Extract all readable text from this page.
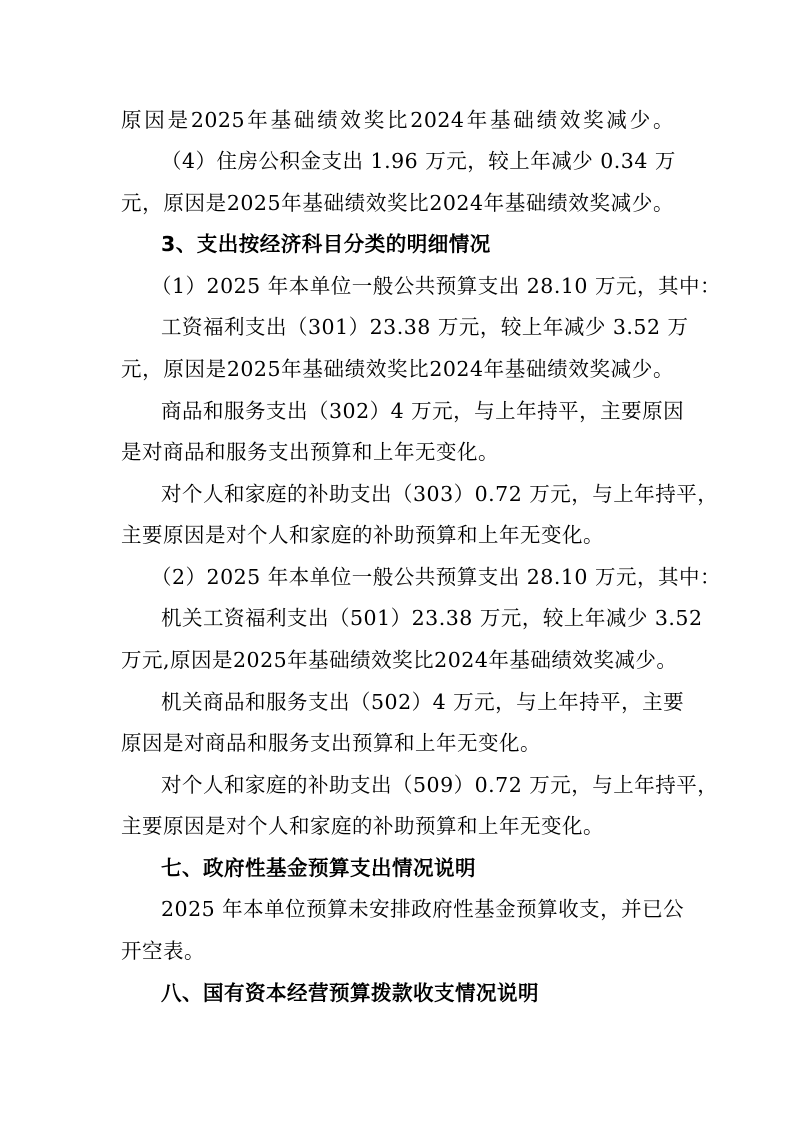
原因是2025年基础绩效奖比2024年基础绩效奖减少。
（4）住房公积金支出 1.96 万元，较上年减少 0.34 万
元，原因是2025年基础绩效奖比2024年基础绩效奖减少。
3、支出按经济科目分类的明细情况
（1）2025 年本单位一般公共预算支出 28.10 万元，其中：
工资福利支出（301）23.38 万元，较上年减少 3.52 万
元，原因是2025年基础绩效奖比2024年基础绩效奖减少。
商品和服务支出（302）4 万元，与上年持平，主要原因
是对商品和服务支出预算和上年无变化。
对个人和家庭的补助支出（303）0.72 万元，与上年持平，
主要原因是对个人和家庭的补助预算和上年无变化。
（2）2025 年本单位一般公共预算支出 28.10 万元，其中：
机关工资福利支出（501）23.38 万元，较上年减少 3.52
万元,原因是2025年基础绩效奖比2024年基础绩效奖减少。
机关商品和服务支出（502）4 万元，与上年持平，主要
原因是对商品和服务支出预算和上年无变化。
对个人和家庭的补助支出（509）0.72 万元，与上年持平，
主要原因是对个人和家庭的补助预算和上年无变化。
七、政府性基金预算支出情况说明
2025 年本单位预算未安排政府性基金预算收支，并已公
开空表。
八、国有资本经营预算拨款收支情况说明
